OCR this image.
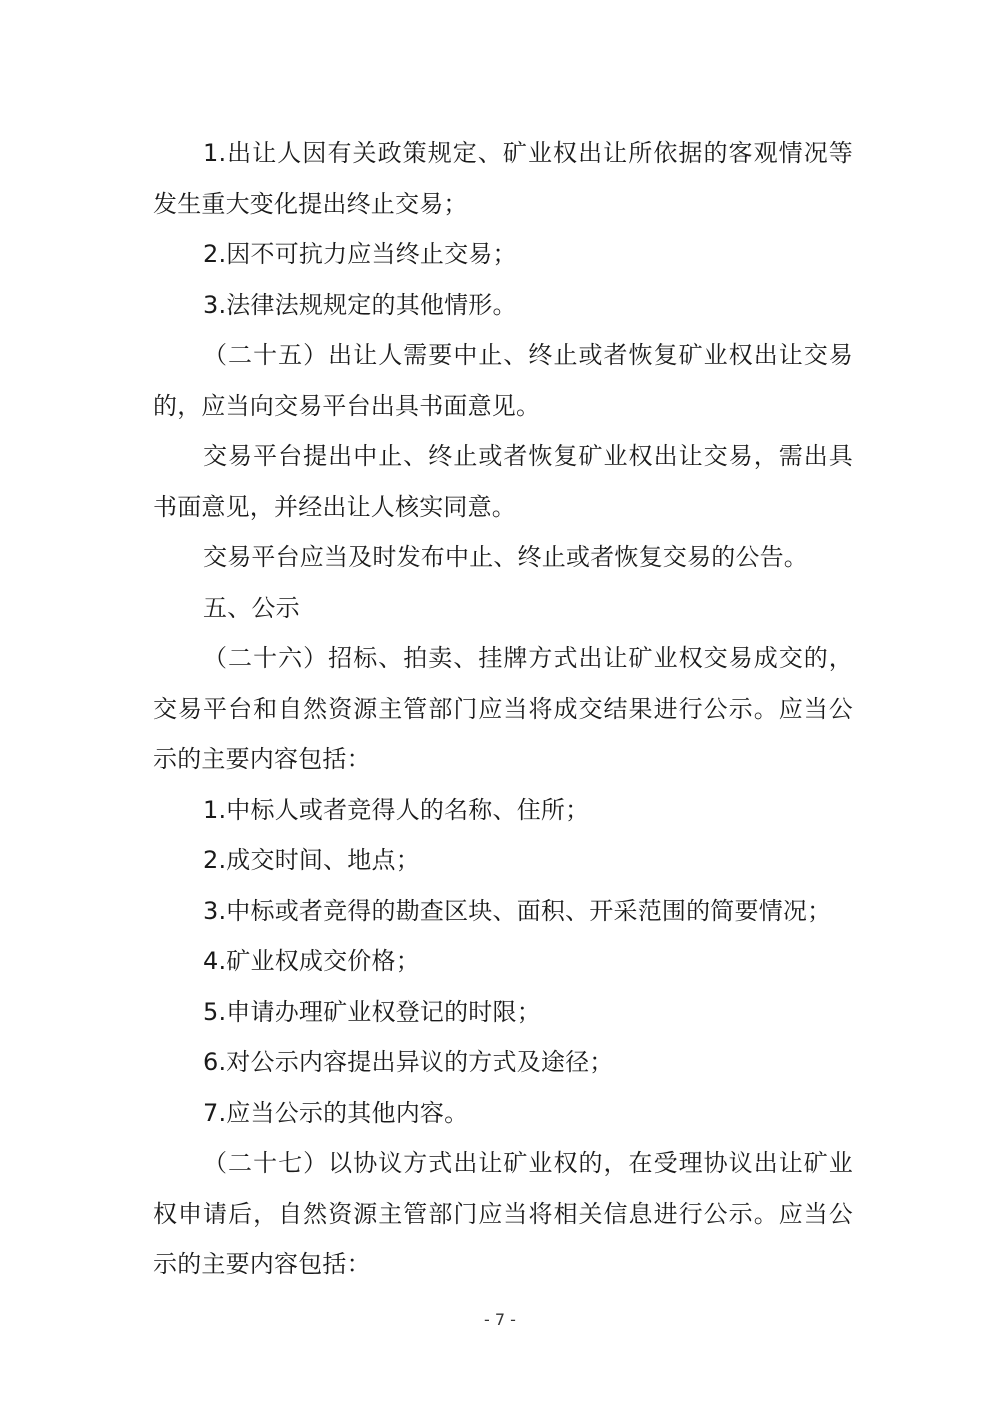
1.出让人因有关政策规定、矿业权出让所依据的客观情况等发生重大变化提出终止交易；

2.因不可抗力应当终止交易；

3.法律法规规定的其他情形。

（二十五）出让人需要中止、终止或者恢复矿业权出让交易的，应当向交易平台出具书面意见。

交易平台提出中止、终止或者恢复矿业权出让交易，需出具书面意见，并经出让人核实同意。

交易平台应当及时发布中止、终止或者恢复交易的公告。

五、公示

（二十六）招标、拍卖、挂牌方式出让矿业权交易成交的，交易平台和自然资源主管部门应当将成交结果进行公示。应当公示的主要内容包括：

1.中标人或者竞得人的名称、住所；

2.成交时间、地点；

3.中标或者竞得的勘查区块、面积、开采范围的简要情况；

4.矿业权成交价格；

5.申请办理矿业权登记的时限；

6.对公示内容提出异议的方式及途径；

7.应当公示的其他内容。

（二十七）以协议方式出让矿业权的，在受理协议出让矿业权申请后，自然资源主管部门应当将相关信息进行公示。应当公示的主要内容包括：

- 7 -
